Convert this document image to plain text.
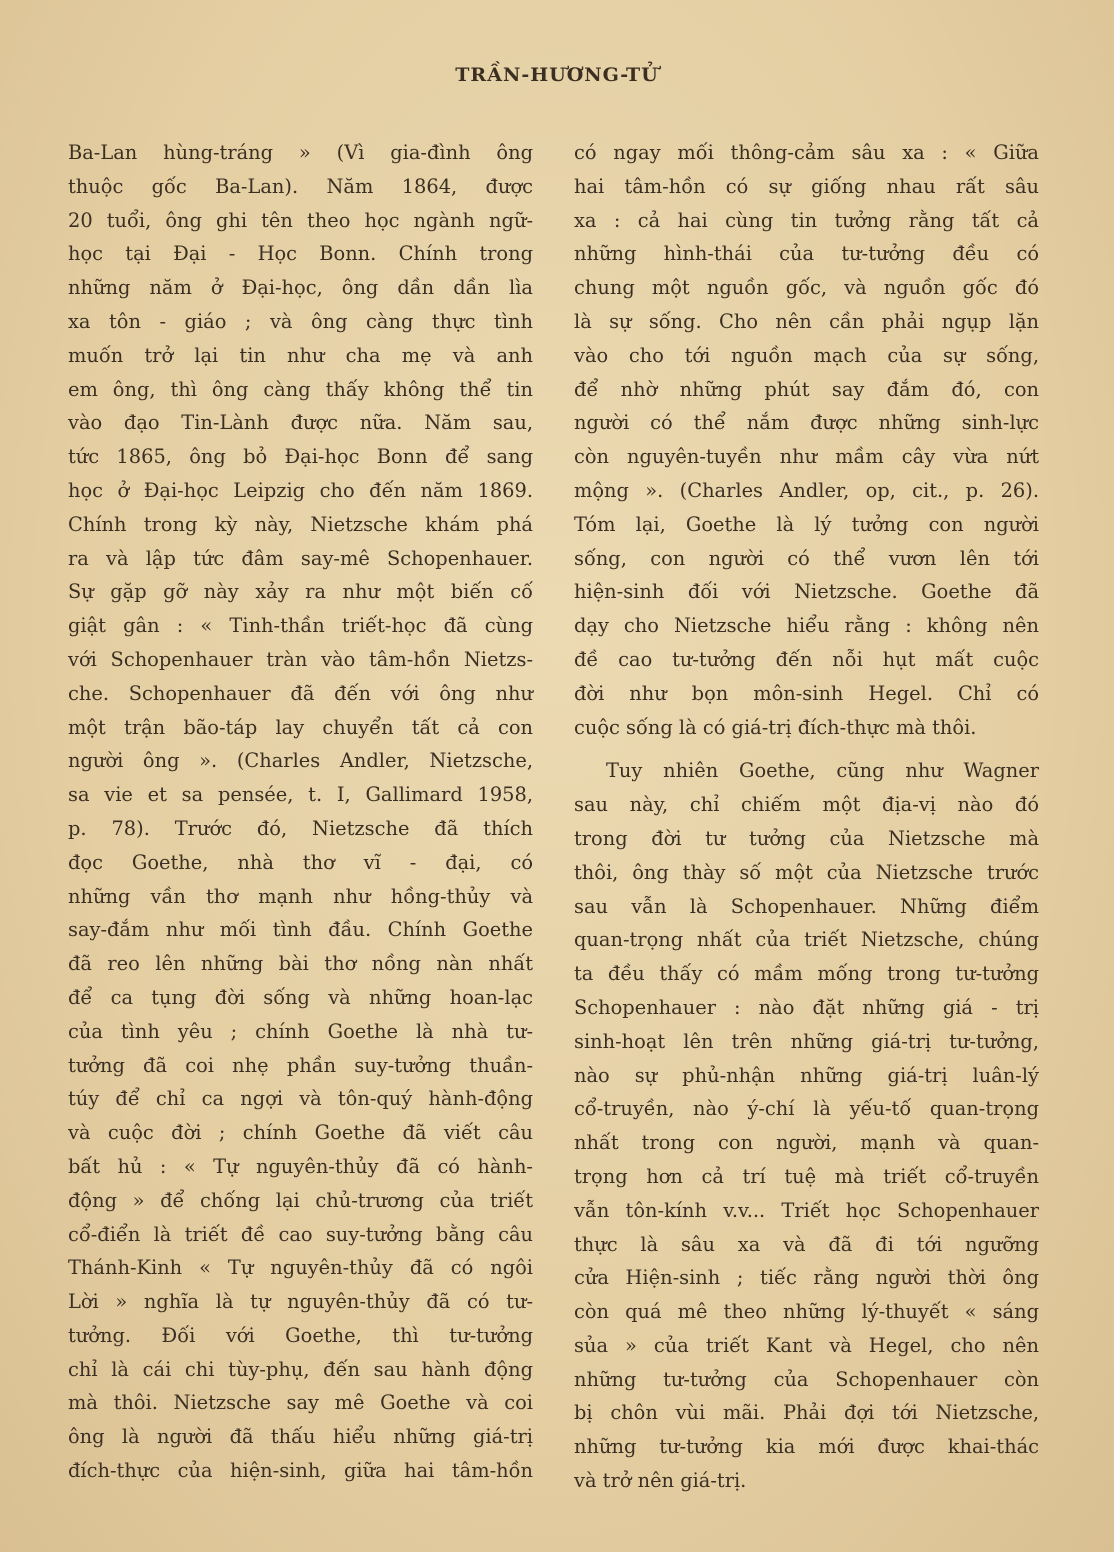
TRẦN-HƯƠNG-TỬ
Ba-Lan hùng-tráng » (Vì gia-đình ông
thuộc gốc Ba-Lan). Năm 1864, được
20 tuổi, ông ghi tên theo học ngành ngữ-
học tại Đại - Học Bonn. Chính trong
những năm ở Đại-học, ông dần dần lìa
xa tôn - giáo ; và ông càng thực tình
muốn trở lại tin như cha mẹ và anh
em ông, thì ông càng thấy không thể tin
vào đạo Tin-Lành được nữa. Năm sau,
tức 1865, ông bỏ Đại-học Bonn để sang
học ở Đại-học Leipzig cho đến năm 1869.
Chính trong kỳ này, Nietzsche khám phá
ra và lập tức đâm say-mê Schopenhauer.
Sự gặp gỡ này xảy ra như một biến cố
giật gân : « Tinh-thần triết-học đã cùng
với Schopenhauer tràn vào tâm-hồn Nietzs-
che. Schopenhauer đã đến với ông như
một trận bão-táp lay chuyển tất cả con
người ông ». (Charles Andler, Nietzsche,
sa vie et sa pensée, t. I, Gallimard 1958,
p. 78). Trước đó, Nietzsche đã thích
đọc Goethe, nhà thơ vĩ - đại, có
những vần thơ mạnh như hồng-thủy và
say-đắm như mối tình đầu. Chính Goethe
đã reo lên những bài thơ nồng nàn nhất
để ca tụng đời sống và những hoan-lạc
của tình yêu ; chính Goethe là nhà tư-
tưởng đã coi nhẹ phần suy-tưởng thuần-
túy để chỉ ca ngợi và tôn-quý hành-động
và cuộc đời ; chính Goethe đã viết câu
bất hủ : « Tự nguyên-thủy đã có hành-
động » để chống lại chủ-trương của triết
cổ-điển là triết đề cao suy-tưởng bằng câu
Thánh-Kinh « Tự nguyên-thủy đã có ngôi
Lời » nghĩa là tự nguyên-thủy đã có tư-
tưởng. Đối với Goethe, thì tư-tưởng
chỉ là cái chi tùy-phụ, đến sau hành động
mà thôi. Nietzsche say mê Goethe và coi
ông là người đã thấu hiểu những giá-trị
đích-thực của hiện-sinh, giữa hai tâm-hồn
có ngay mối thông-cảm sâu xa : « Giữa
hai tâm-hồn có sự giống nhau rất sâu
xa : cả hai cùng tin tưởng rằng tất cả
những hình-thái của tư-tưởng đều có
chung một nguồn gốc, và nguồn gốc đó
là sự sống. Cho nên cần phải ngụp lặn
vào cho tới nguồn mạch của sự sống,
để nhờ những phút say đắm đó, con
người có thể nắm được những sinh-lực
còn nguyên-tuyền như mầm cây vừa nứt
mộng ». (Charles Andler, op, cit., p. 26).
Tóm lại, Goethe là lý tưởng con người
sống, con người có thể vươn lên tới
hiện-sinh đối với Nietzsche. Goethe đã
dạy cho Nietzsche hiểu rằng : không nên
đề cao tư-tưởng đến nỗi hụt mất cuộc
đời như bọn môn-sinh Hegel. Chỉ có
cuộc sống là có giá-trị đích-thực mà thôi.
Tuy nhiên Goethe, cũng như Wagner
sau này, chỉ chiếm một địa-vị nào đó
trong đời tư tưởng của Nietzsche mà
thôi, ông thày số một của Nietzsche trước
sau vẫn là Schopenhauer. Những điểm
quan-trọng nhất của triết Nietzsche, chúng
ta đều thấy có mầm mống trong tư-tưởng
Schopenhauer : nào đặt những giá - trị
sinh-hoạt lên trên những giá-trị tư-tưởng,
nào sự phủ-nhận những giá-trị luân-lý
cổ-truyền, nào ý-chí là yếu-tố quan-trọng
nhất trong con người, mạnh và quan-
trọng hơn cả trí tuệ mà triết cổ-truyền
vẫn tôn-kính v.v... Triết học Schopenhauer
thực là sâu xa và đã đi tới ngưỡng
cửa Hiện-sinh ; tiếc rằng người thời ông
còn quá mê theo những lý-thuyết « sáng
sủa » của triết Kant và Hegel, cho nên
những tư-tưởng của Schopenhauer còn
bị chôn vùi mãi. Phải đợi tới Nietzsche,
những tư-tưởng kia mới được khai-thác
và trở nên giá-trị.
